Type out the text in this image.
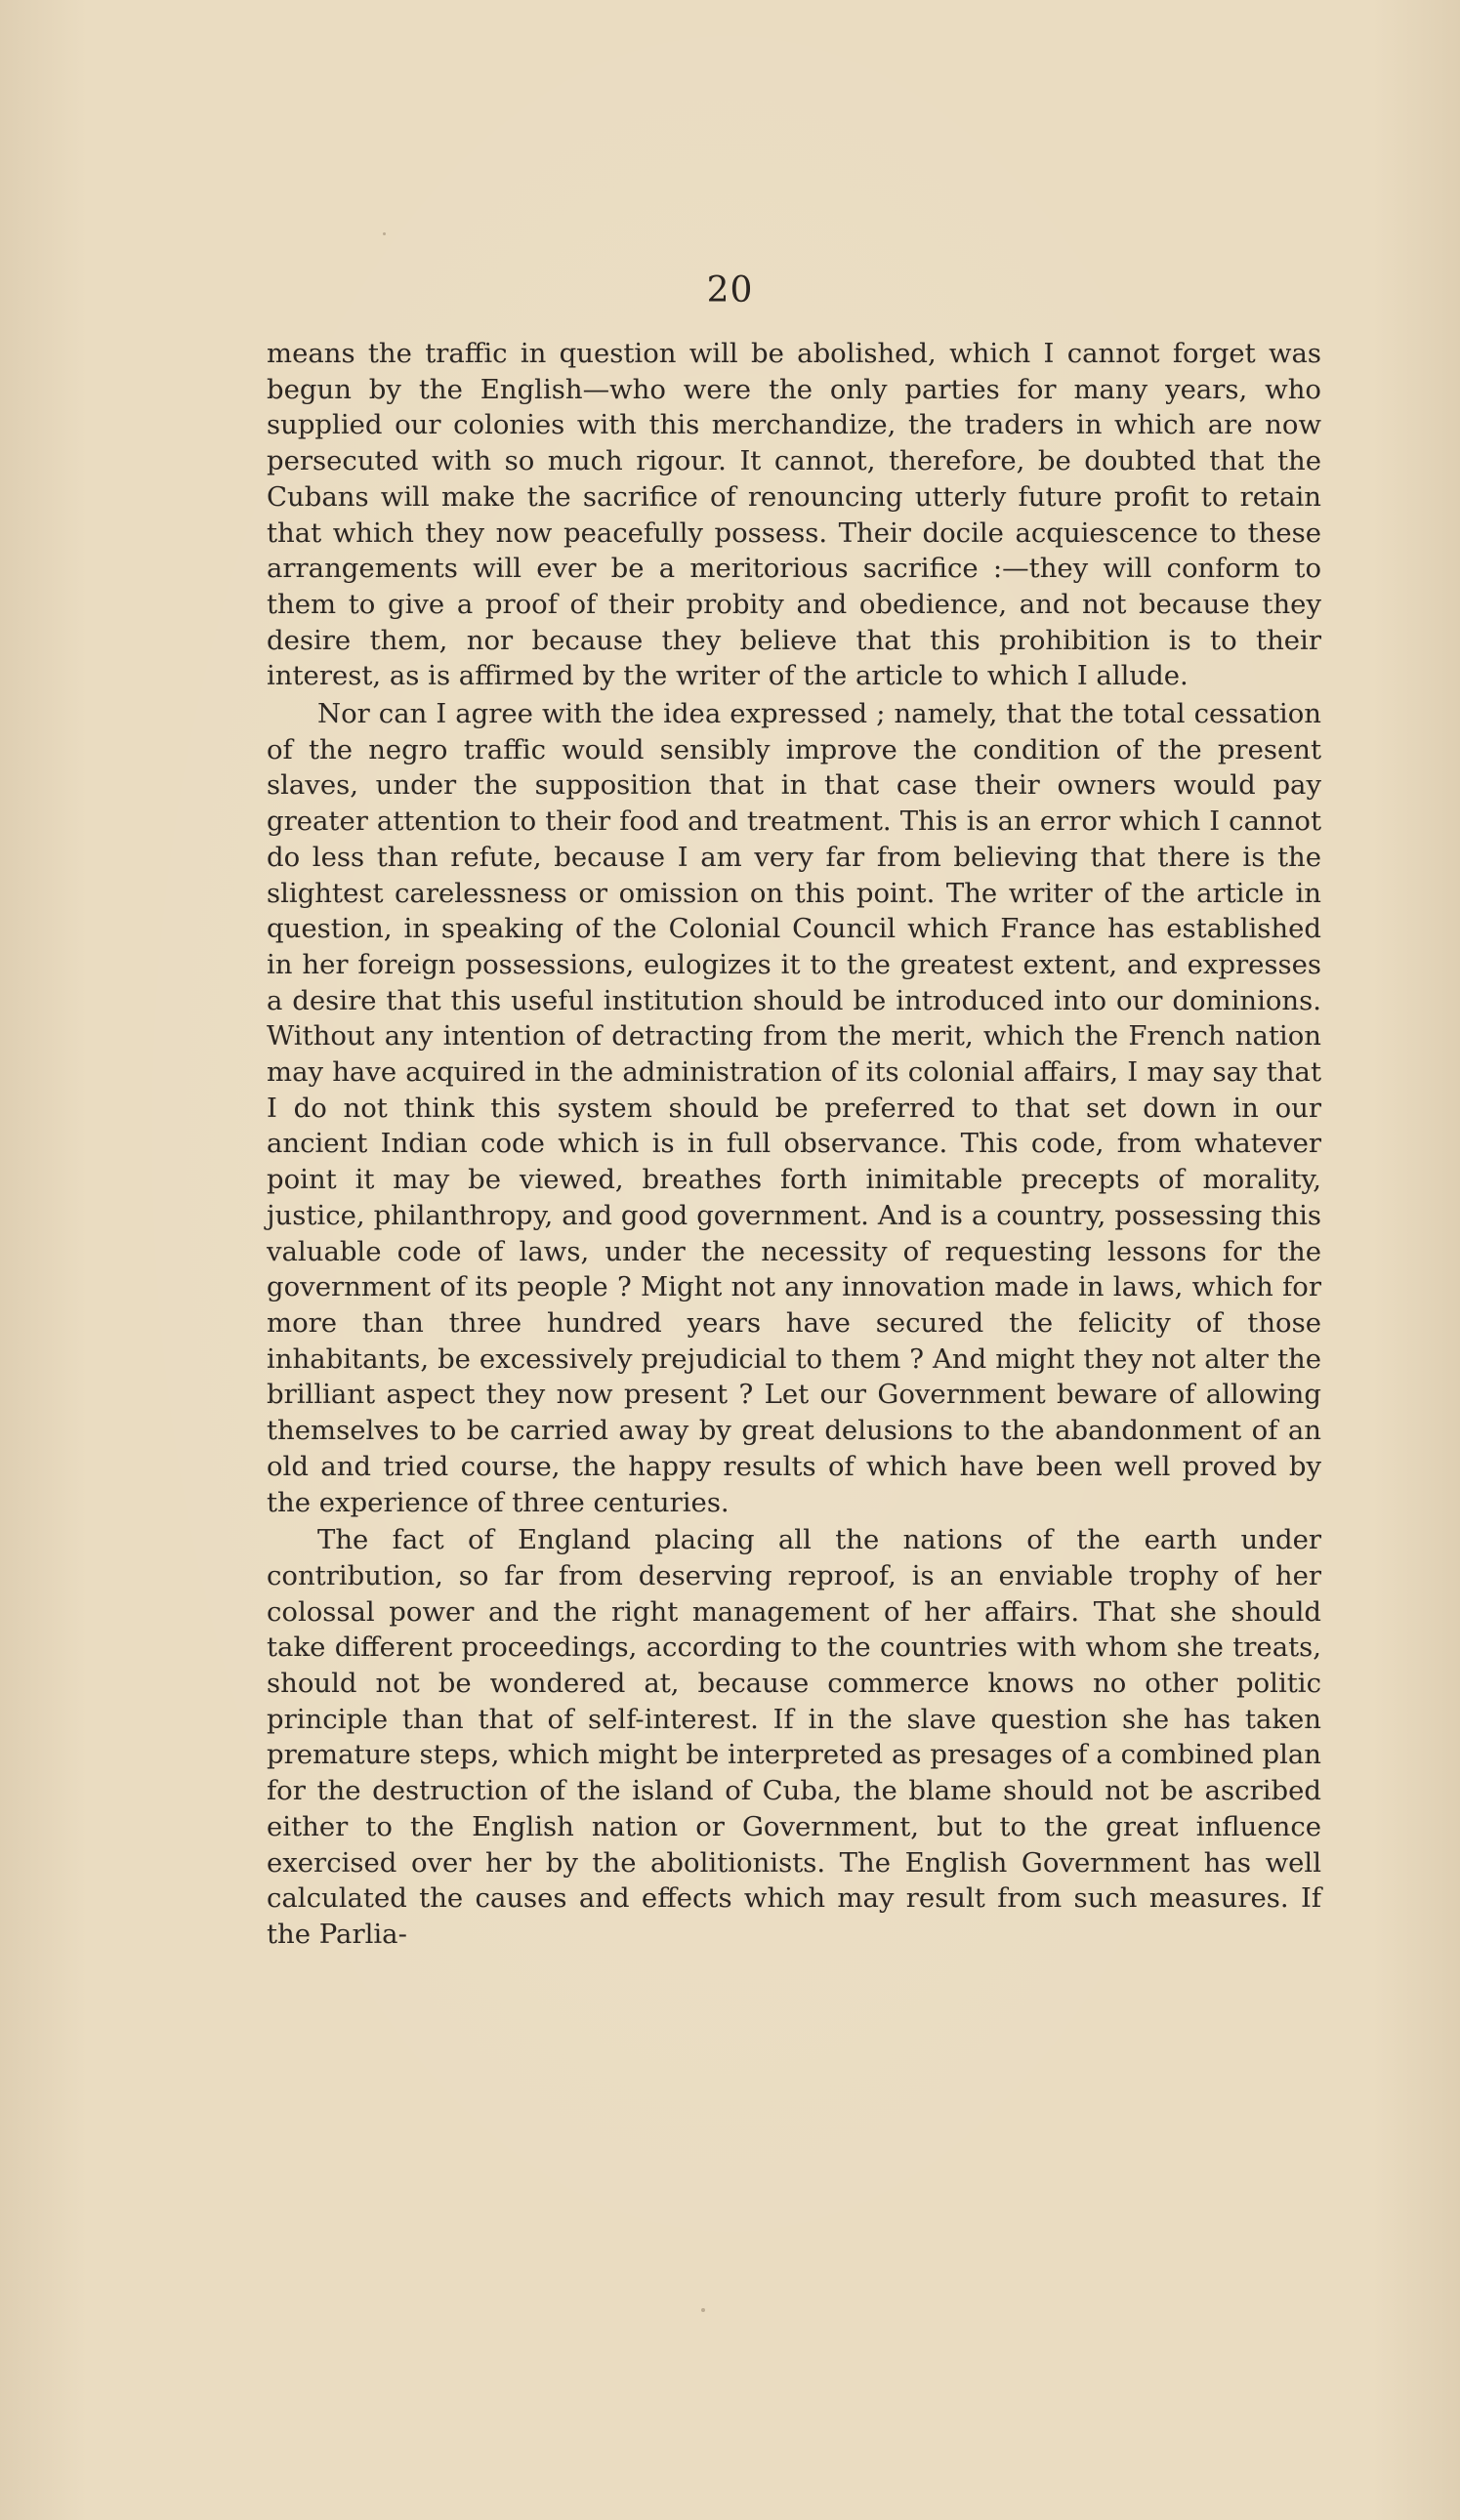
20

means the traffic in question will be abolished, which I cannot forget was begun by the English—who were the only parties for many years, who supplied our colonies with this merchandize, the traders in which are now persecuted with so much rigour. It cannot, therefore, be doubted that the Cubans will make the sacrifice of renouncing utterly future profit to retain that which they now peacefully possess. Their docile acquiescence to these arrangements will ever be a meritorious sacrifice :—they will conform to them to give a proof of their probity and obedience, and not because they desire them, nor because they believe that this prohibition is to their interest, as is affirmed by the writer of the article to which I allude.

Nor can I agree with the idea expressed ; namely, that the total cessation of the negro traffic would sensibly improve the condition of the present slaves, under the supposition that in that case their owners would pay greater attention to their food and treatment. This is an error which I cannot do less than refute, because I am very far from believing that there is the slightest carelessness or omission on this point. The writer of the article in question, in speaking of the Colonial Council which France has established in her foreign possessions, eulogizes it to the greatest extent, and expresses a desire that this useful institution should be introduced into our dominions. Without any intention of detracting from the merit, which the French nation may have acquired in the administration of its colonial affairs, I may say that I do not think this system should be preferred to that set down in our ancient Indian code which is in full observance. This code, from whatever point it may be viewed, breathes forth inimitable precepts of morality, justice, philanthropy, and good government. And is a country, possessing this valuable code of laws, under the necessity of requesting lessons for the government of its people ? Might not any innovation made in laws, which for more than three hundred years have secured the felicity of those inhabitants, be excessively prejudicial to them ? And might they not alter the brilliant aspect they now present ? Let our Government beware of allowing themselves to be carried away by great delusions to the abandonment of an old and tried course, the happy results of which have been well proved by the experience of three centuries.

The fact of England placing all the nations of the earth under contribution, so far from deserving reproof, is an enviable trophy of her colossal power and the right management of her affairs. That she should take different proceedings, according to the countries with whom she treats, should not be wondered at, because commerce knows no other politic principle than that of self-interest. If in the slave question she has taken premature steps, which might be interpreted as presages of a combined plan for the destruction of the island of Cuba, the blame should not be ascribed either to the English nation or Government, but to the great influence exercised over her by the abolitionists. The English Government has well calculated the causes and effects which may result from such measures. If the Parlia-
